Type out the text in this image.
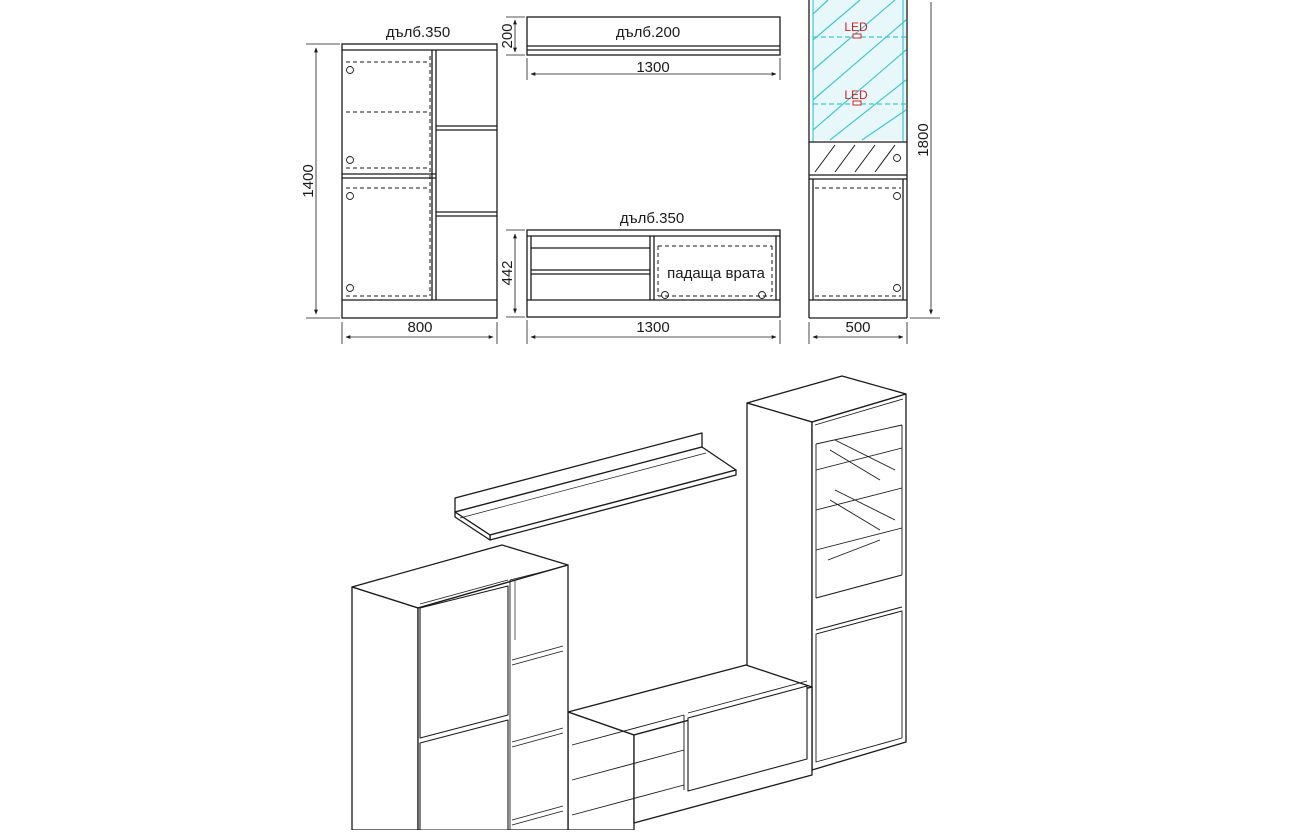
дълб.350
1400
800
дълб.200
200
1300
дълб.350
падаща врата
442
1300
LED
LED
1800
500
